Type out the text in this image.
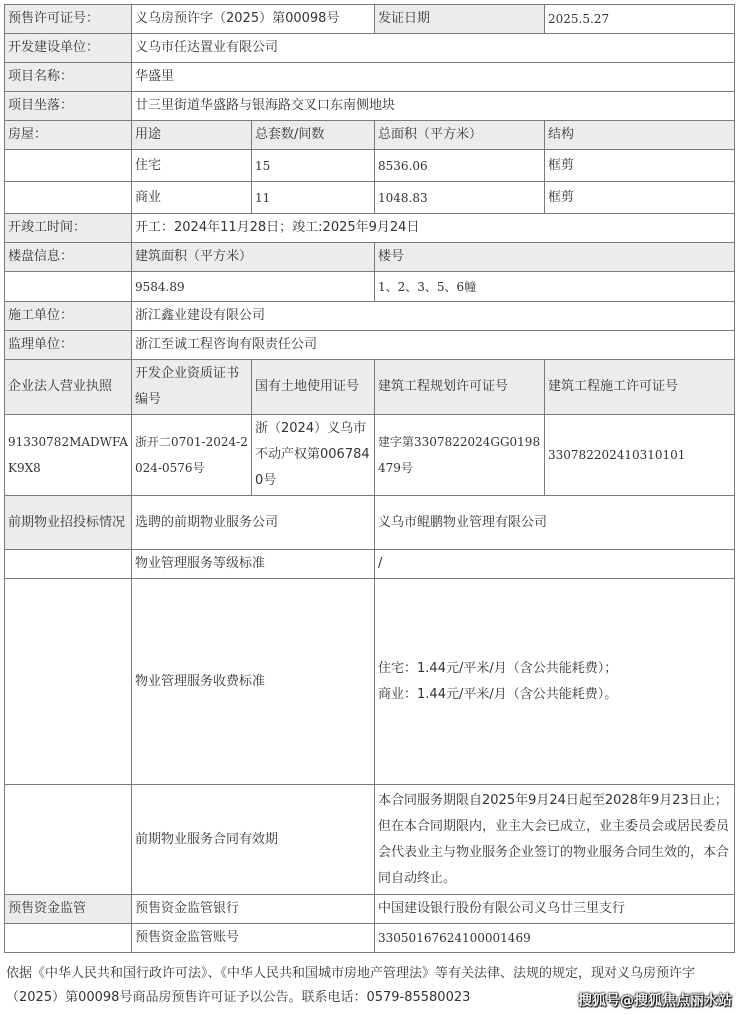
预售许可证号：	义乌房预许字（2025）第00098号		发证日期	2025.5.27
开发建设单位：	义乌市任达置业有限公司			
项目名称：	华盛里			
项目坐落：	廿三里街道华盛路与银海路交叉口东南侧地块			
房屋：	用途	总套数/间数	总面积（平方米）	结构
	住宅	15	8536.06	框剪
	商业	11	1048.83	框剪
开竣工时间：	开工：2024年11月28日；竣工:2025年9月24日			
楼盘信息：	建筑面积（平方米）		楼号	
	9584.89		1、2、3、5、6幢	
施工单位：	浙江鑫业建设有限公司			
监理单位：	浙江至诚工程咨询有限责任公司			
企业法人营业执照	开发企业资质证书编号	国有土地使用证号	建筑工程规划许可证号	建筑工程施工许可证号
91330782MADWFAK9X8	浙开二0701-2024-2024-0576号	浙（2024）义乌市不动产权第0067840号	建字第3307822024GG0198479号	330782202410310101
前期物业招投标情况	选聘的前期物业服务公司		义乌市鲲鹏物业管理有限公司	
	物业管理服务等级标准		/	
	物业管理服务收费标准		住宅：1.44元/平米/月（含公共能耗费）；
商业：1.44元/平米/月（含公共能耗费）。	

	前期物业服务合同有效期		本合同服务期限自2025年9月24日起至2028年9月23日止；但在本合同期限内，业主大会已成立，业主委员会或居民委员会代表业主与物业服务企业签订的物业服务合同生效的，本合同自动终止。	
预售资金监管	预售资金监管银行		中国建设银行股份有限公司义乌廿三里支行	
	预售资金监管账号		33050167624100001469	
依据《中华人民共和国行政许可法》、《中华人民共和国城市房地产管理法》等有关法律、法规的规定，现对义乌房预许字（2025）第00098号商品房预售许可证予以公告。联系电话：0579-85580023	搜狐号@搜狐焦点丽水站
